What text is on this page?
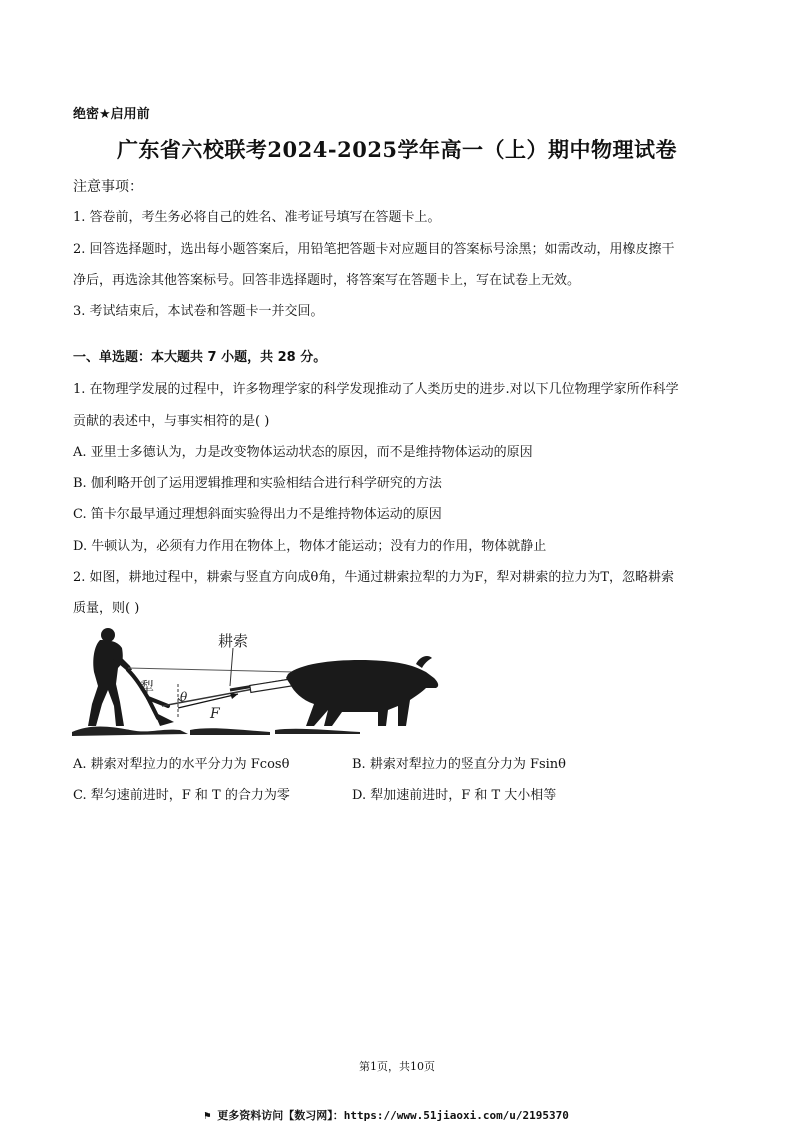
绝密★启用前
广东省六校联考2024-2025学年高一（上）期中物理试卷
注意事项：
1. 答卷前，考生务必将自己的姓名、准考证号填写在答题卡上。
2. 回答选择题时，选出每小题答案后，用铅笔把答题卡对应题目的答案标号涂黑；如需改动，用橡皮擦干
净后，再选涂其他答案标号。回答非选择题时，将答案写在答题卡上，写在试卷上无效。
3. 考试结束后，本试卷和答题卡一并交回。
一、单选题：本大题共 7 小题，共 28 分。
1. 在物理学发展的过程中，许多物理学家的科学发现推动了人类历史的进步.对以下几位物理学家所作科学
贡献的表述中，与事实相符的是( )
A. 亚里士多德认为，力是改变物体运动状态的原因，而不是维持物体运动的原因
B. 伽利略开创了运用逻辑推理和实验相结合进行科学研究的方法
C. 笛卡尔最早通过理想斜面实验得出力不是维持物体运动的原因
D. 牛顿认为，必须有力作用在物体上，物体才能运动；没有力的作用，物体就静止
2. 如图，耕地过程中，耕索与竖直方向成θ角，牛通过耕索拉犁的力为F，犁对耕索的拉力为T，忽略耕索
质量，则( )
耕索
犁
θ
F
A. 耕索对犁拉力的水平分力为 Fcosθ	B. 耕索对犁拉力的竖直分力为 Fsinθ
C. 犁匀速前进时，F 和 T 的合力为零	D. 犁加速前进时，F 和 T 大小相等
第1页，共10页
⚑ 更多资料访问【数习网】：https://www.51jiaoxi.com/u/2195370
